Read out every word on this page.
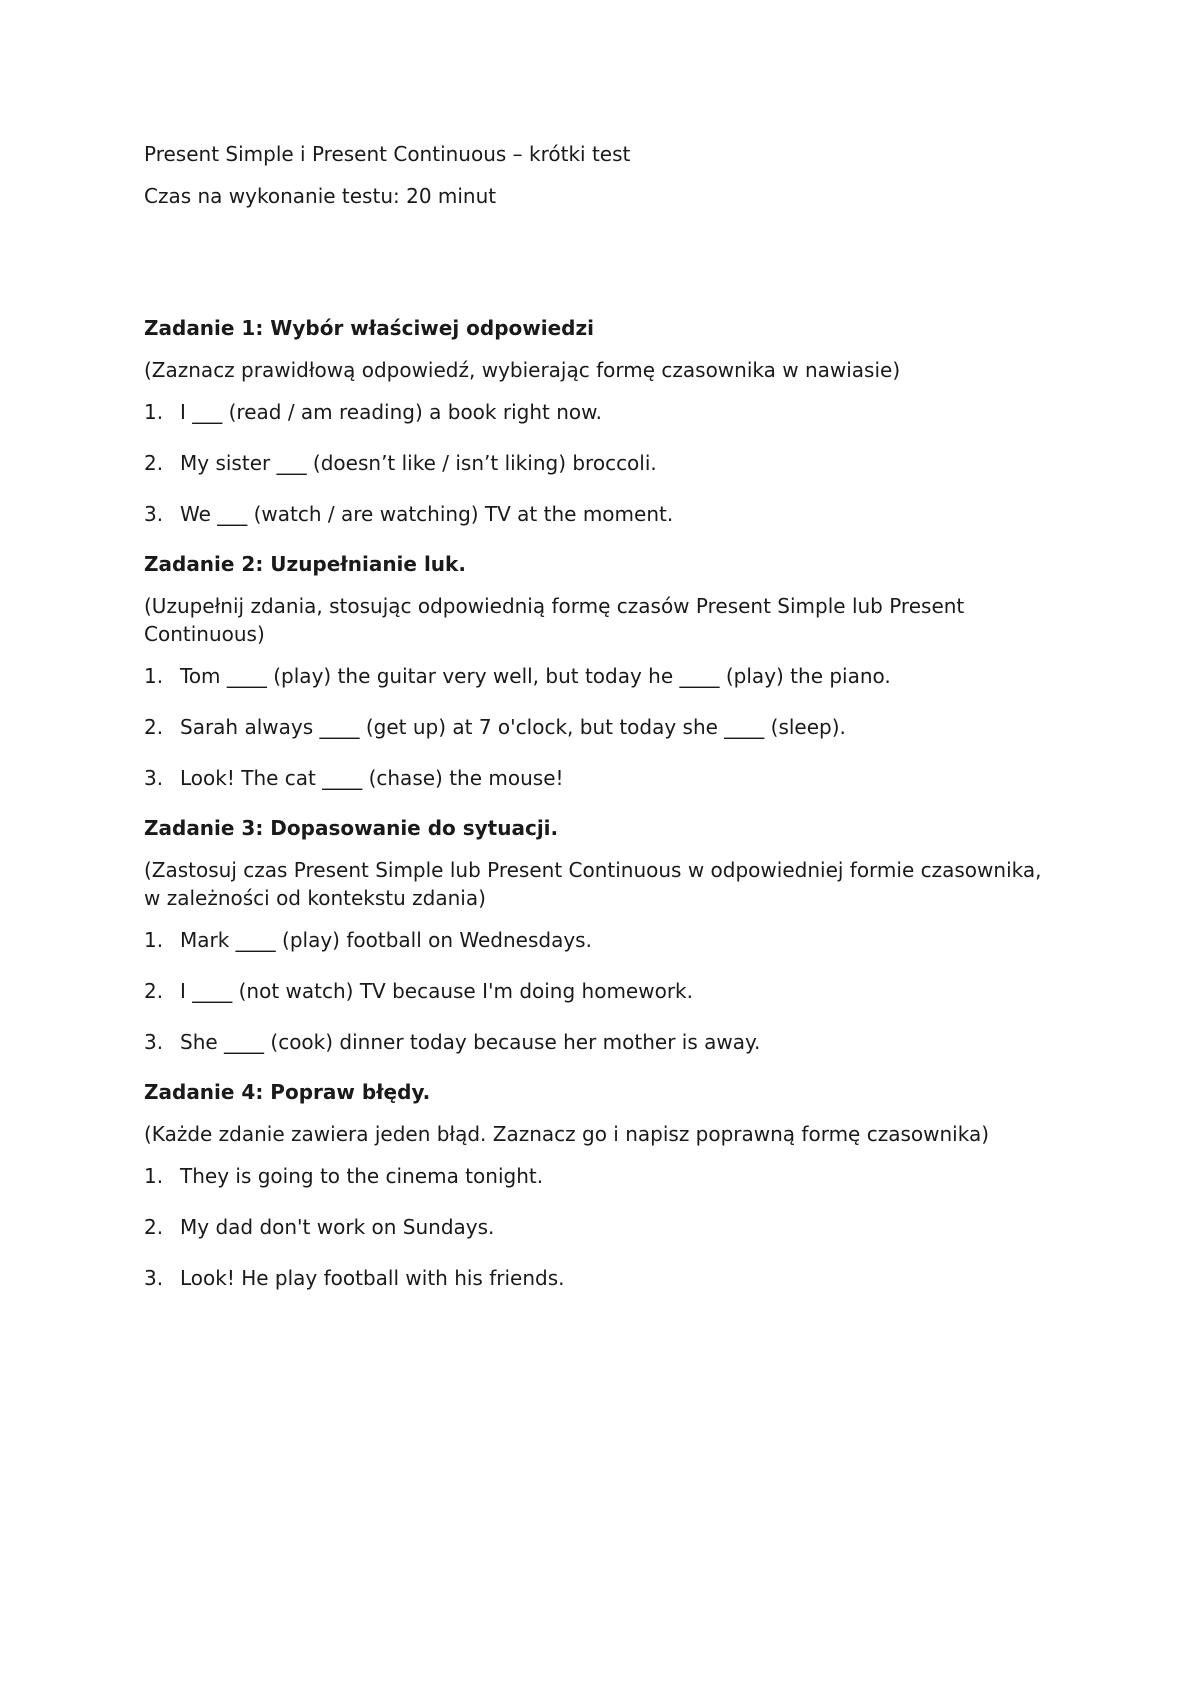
Present Simple i Present Continuous – krótki test

Czas na wykonanie testu: 20 minut

Zadanie 1: Wybór właściwej odpowiedzi

(Zaznacz prawidłową odpowiedź, wybierając formę czasownika w nawiasie)

1. I ___ (read / am reading) a book right now.
2. My sister ___ (doesn’t like / isn’t liking) broccoli.
3. We ___ (watch / are watching) TV at the moment.

Zadanie 2: Uzupełnianie luk.

(Uzupełnij zdania, stosując odpowiednią formę czasów Present Simple lub Present Continuous)

1. Tom ____ (play) the guitar very well, but today he ____ (play) the piano.
2. Sarah always ____ (get up) at 7 o'clock, but today she ____ (sleep).
3. Look! The cat ____ (chase) the mouse!

Zadanie 3: Dopasowanie do sytuacji.

(Zastosuj czas Present Simple lub Present Continuous w odpowiedniej formie czasownika, w zależności od kontekstu zdania)

1. Mark ____ (play) football on Wednesdays.
2. I ____ (not watch) TV because I'm doing homework.
3. She ____ (cook) dinner today because her mother is away.

Zadanie 4: Popraw błędy.

(Każde zdanie zawiera jeden błąd. Zaznacz go i napisz poprawną formę czasownika)

1. They is going to the cinema tonight.
2. My dad don't work on Sundays.
3. Look! He play football with his friends.
